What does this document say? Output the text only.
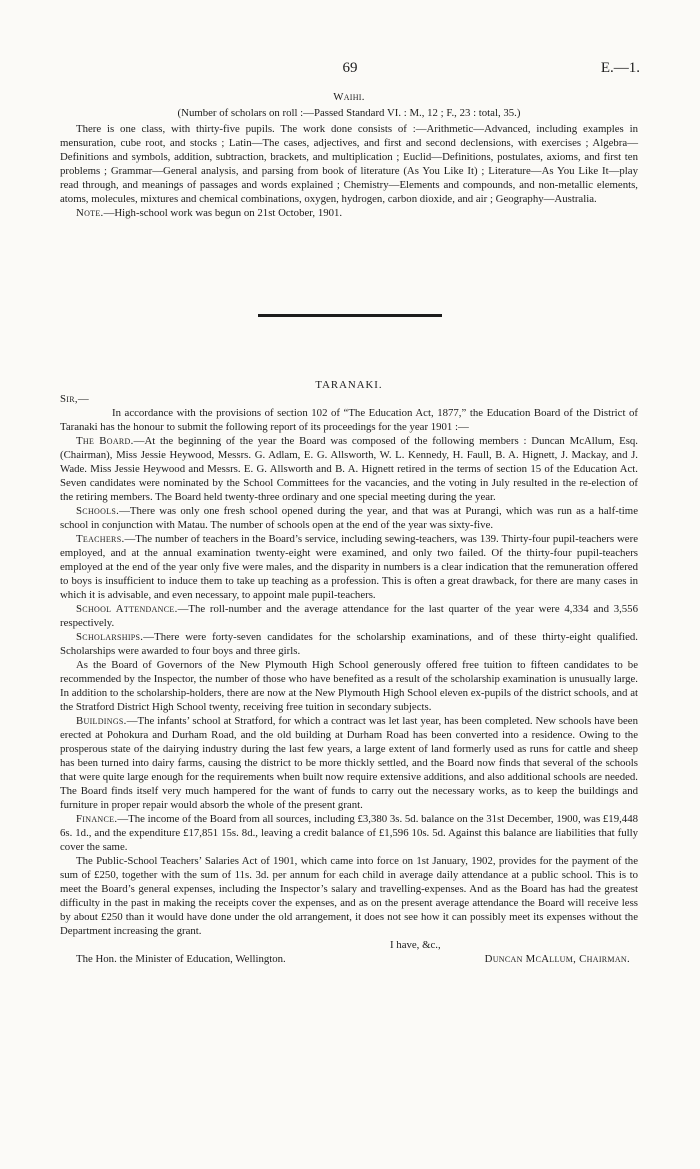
69	E.—1.
Waihi.
(Number of scholars on roll :—Passed Standard VI. : M., 12 ; F., 23 : total, 35.)

There is one class, with thirty-five pupils. The work done consists of :—Arithmetic—Advanced, including examples in mensuration, cube root, and stocks ; Latin—The cases, adjectives, and first and second declensions, with exercises ; Algebra—Definitions and symbols, addition, subtraction, brackets, and multiplication ; Euclid—Definitions, postulates, axioms, and first ten problems ; Grammar—General analysis, and parsing from book of literature (As You Like It) ; Literature—As You Like It—play read through, and meanings of passages and words explained ; Chemistry—Elements and compounds, and non-metallic elements, atoms, molecules, mixtures and chemical combinations, oxygen, hydrogen, carbon dioxide, and air ; Geography—Australia.

Note.—High-school work was begun on 21st October, 1901.

TARANAKI.
Sir,—

In accordance with the provisions of section 102 of “The Education Act, 1877,” the Education Board of the District of Taranaki has the honour to submit the following report of its proceedings for the year 1901 :—

The Board.—At the beginning of the year the Board was composed of the following members : Duncan McAllum, Esq. (Chairman), Miss Jessie Heywood, Messrs. G. Adlam, E. G. Allsworth, W. L. Kennedy, H. Faull, B. A. Hignett, J. Mackay, and J. Wade. Miss Jessie Heywood and Messrs. E. G. Allsworth and B. A. Hignett retired in the terms of section 15 of the Education Act. Seven candidates were nominated by the School Committees for the vacancies, and the voting in July resulted in the re-election of the retiring members. The Board held twenty-three ordinary and one special meeting during the year.

Schools.—There was only one fresh school opened during the year, and that was at Purangi, which was run as a half-time school in conjunction with Matau. The number of schools open at the end of the year was sixty-five.

Teachers.—The number of teachers in the Board’s service, including sewing-teachers, was 139. Thirty-four pupil-teachers were employed, and at the annual examination twenty-eight were examined, and only two failed. Of the thirty-four pupil-teachers employed at the end of the year only five were males, and the disparity in numbers is a clear indication that the remuneration offered to boys is insufficient to induce them to take up teaching as a profession. This is often a great drawback, for there are many cases in which it is advisable, and even necessary, to appoint male pupil-teachers.

School Attendance.—The roll-number and the average attendance for the last quarter of the year were 4,334 and 3,556 respectively.

Scholarships.—There were forty-seven candidates for the scholarship examinations, and of these thirty-eight qualified. Scholarships were awarded to four boys and three girls.

As the Board of Governors of the New Plymouth High School generously offered free tuition to fifteen candidates to be recommended by the Inspector, the number of those who have benefited as a result of the scholarship examination is unusually large. In addition to the scholarship-holders, there are now at the New Plymouth High School eleven ex-pupils of the district schools, and at the Stratford District High School twenty, receiving free tuition in secondary subjects.

Buildings.—The infants’ school at Stratford, for which a contract was let last year, has been completed. New schools have been erected at Pohokura and Durham Road, and the old building at Durham Road has been converted into a residence. Owing to the prosperous state of the dairying industry during the last few years, a large extent of land formerly used as runs for cattle and sheep has been turned into dairy farms, causing the district to be more thickly settled, and the Board now finds that several of the schools that were quite large enough for the requirements when built now require extensive additions, and also additional schools are needed. The Board finds itself very much hampered for the want of funds to carry out the necessary works, as to keep the buildings and furniture in proper repair would absorb the whole of the present grant.

Finance.—The income of the Board from all sources, including £3,380 3s. 5d. balance on the 31st December, 1900, was £19,448 6s. 1d., and the expenditure £17,851 15s. 8d., leaving a credit balance of £1,596 10s. 5d. Against this balance are liabilities that fully cover the same.

The Public-School Teachers’ Salaries Act of 1901, which came into force on 1st January, 1902, provides for the payment of the sum of £250, together with the sum of 11s. 3d. per annum for each child in average daily attendance at a public school. This is to meet the Board’s general expenses, including the Inspector’s salary and travelling-expenses. And as the Board has had the greatest difficulty in the past in making the receipts cover the expenses, and as on the present average attendance the Board will receive less by about £250 than it would have done under the old arrangement, it does not see how it can possibly meet its expenses without the Department increasing the grant.

I have, &c.,
The Hon. the Minister of Education, Wellington.	Duncan McAllum, Chairman.
